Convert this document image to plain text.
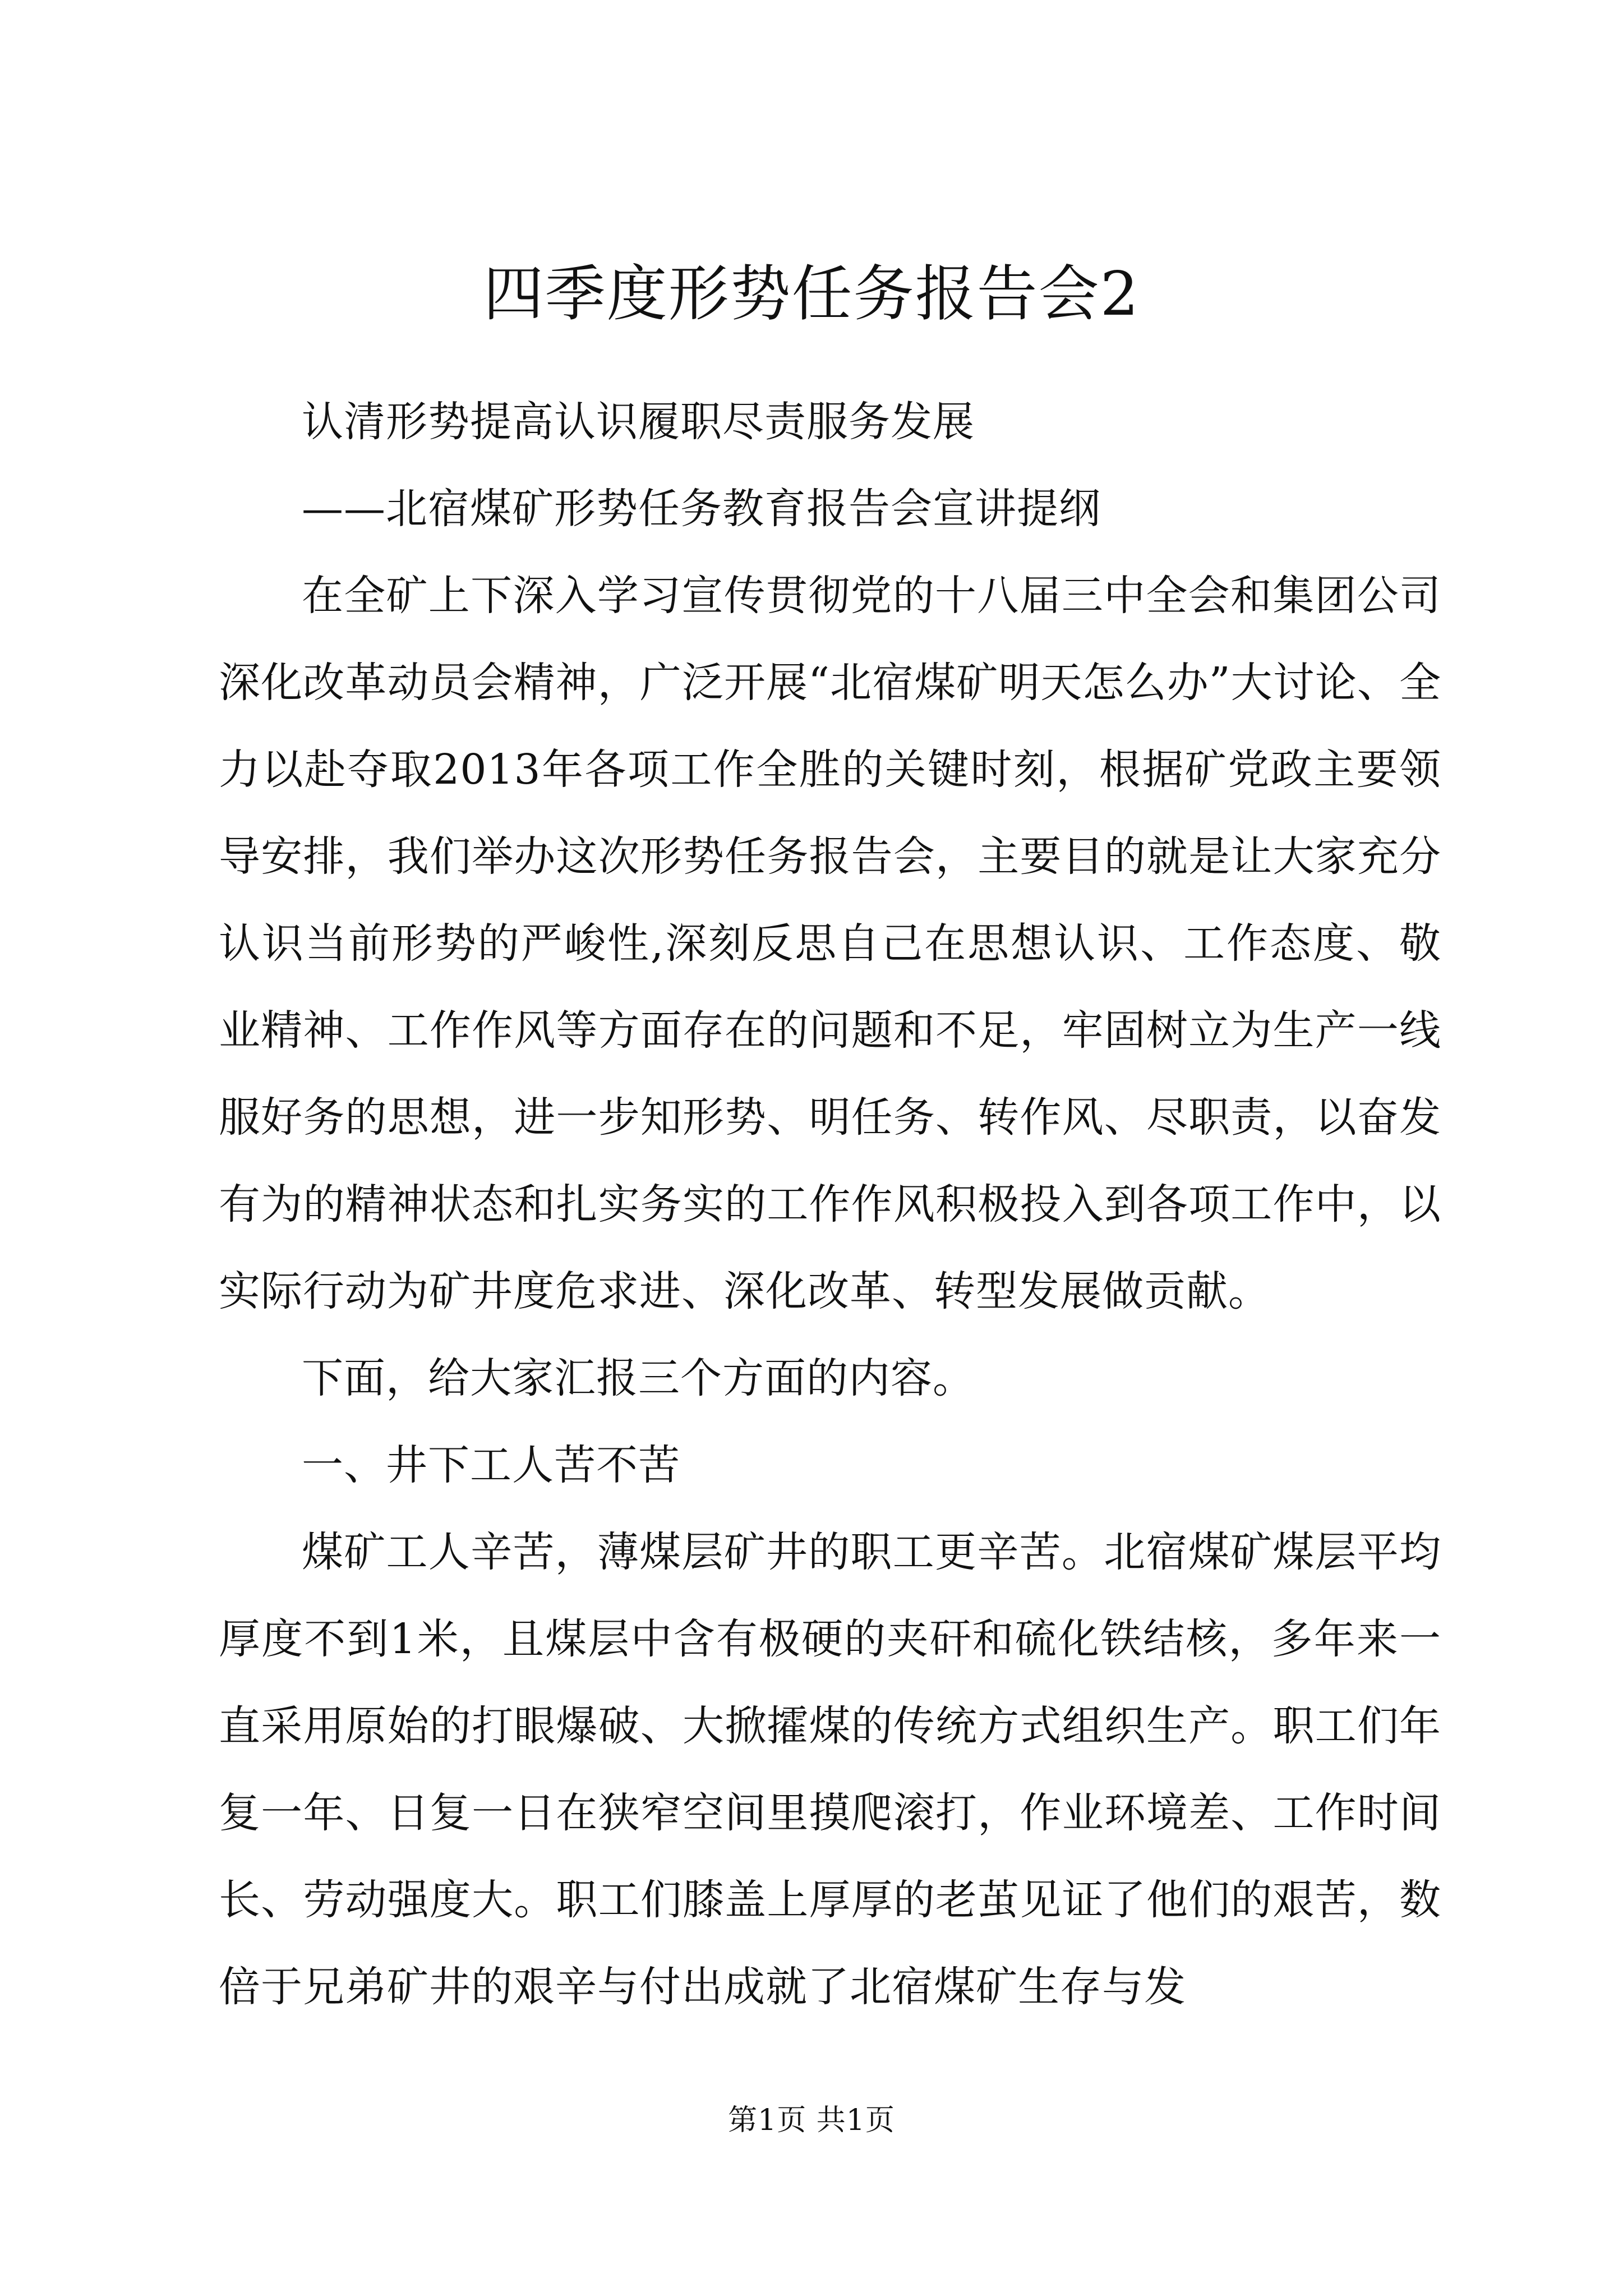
四季度形势任务报告会2

认清形势提高认识履职尽责服务发展

——北宿煤矿形势任务教育报告会宣讲提纲

在全矿上下深入学习宣传贯彻党的十八届三中全会和集团公司深化改革动员会精神，广泛开展“北宿煤矿明天怎么办”大讨论、全力以赴夺取2013年各项工作全胜的关键时刻，根据矿党政主要领导安排，我们举办这次形势任务报告会，主要目的就是让大家充分认识当前形势的严峻性,深刻反思自己在思想认识、工作态度、敬业精神、工作作风等方面存在的问题和不足，牢固树立为生产一线服好务的思想，进一步知形势、明任务、转作风、尽职责，以奋发有为的精神状态和扎实务实的工作作风积极投入到各项工作中，以实际行动为矿井度危求进、深化改革、转型发展做贡献。

下面，给大家汇报三个方面的内容。

一、井下工人苦不苦

煤矿工人辛苦，薄煤层矿井的职工更辛苦。北宿煤矿煤层平均厚度不到1米，且煤层中含有极硬的夹矸和硫化铁结核，多年来一直采用原始的打眼爆破、大掀攉煤的传统方式组织生产。职工们年复一年、日复一日在狭窄空间里摸爬滚打，作业环境差、工作时间长、劳动强度大。职工们膝盖上厚厚的老茧见证了他们的艰苦，数倍于兄弟矿井的艰辛与付出成就了北宿煤矿生存与发

第1页 共1页
